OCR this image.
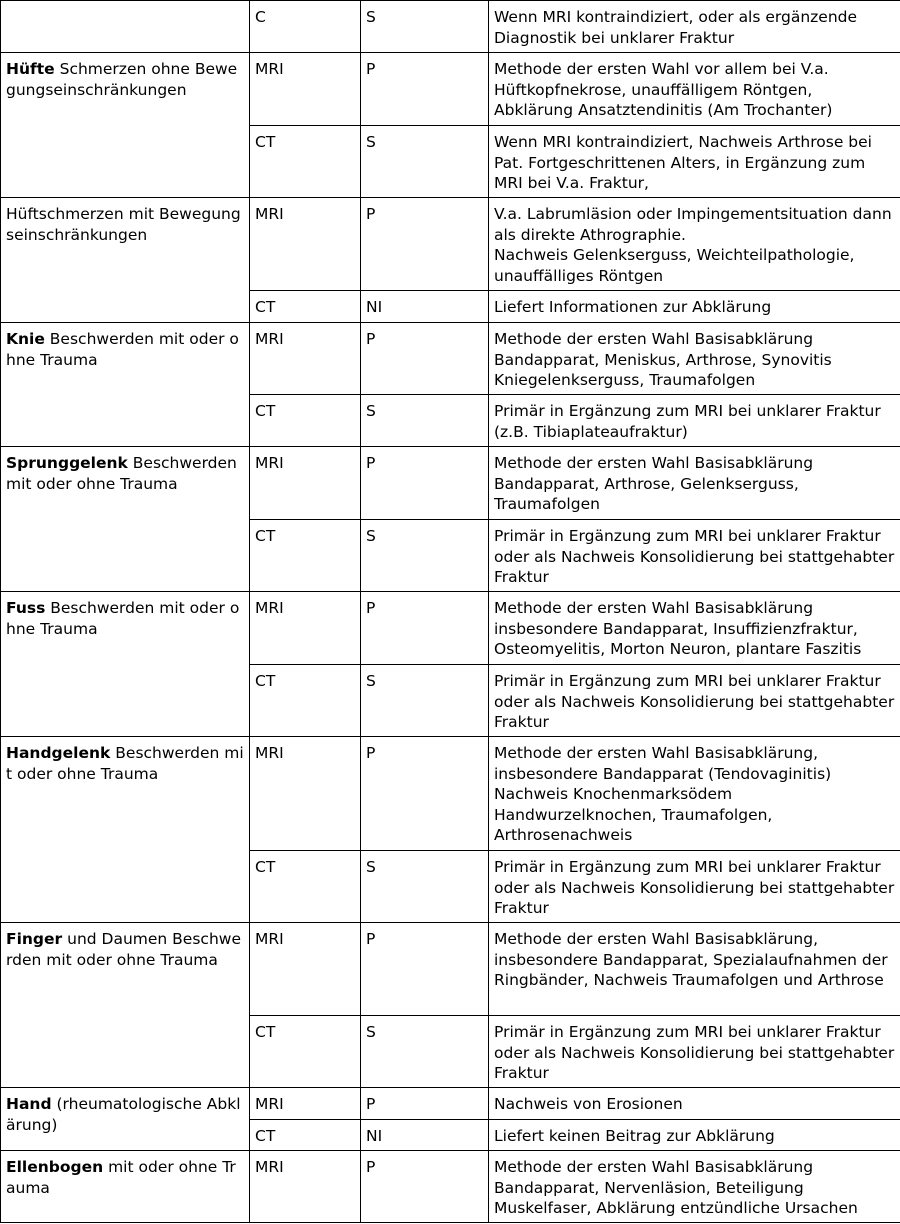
	C	S	Wenn MRI kontraindiziert, oder als ergänzende Diagnostik bei unklarer Fraktur
Hüfte Schmerzen ohne Bewegungseinschränkungen	MRI	P	Methode der ersten Wahl vor allem bei V.a. Hüftkopfnekrose, unauffälligem Röntgen, Abklärung Ansatztendinitis (Am Trochanter)
	CT	S	Wenn MRI kontraindiziert, Nachweis Arthrose bei Pat. Fortgeschrittenen Alters, in Ergänzung zum MRI bei V.a. Fraktur,
Hüftschmerzen mit Bewegungseinschränkungen	MRI	P	V.a. Labrumläsion oder Impingementsituation dann als direkte Athrographie.
Nachweis Gelenkserguss, Weichteilpathologie, unauffälliges Röntgen
	CT	NI	Liefert Informationen zur Abklärung
Knie Beschwerden mit oder ohne Trauma	MRI	P	Methode der ersten Wahl Basisabklärung Bandapparat, Meniskus, Arthrose, Synovitis Kniegelenkserguss, Traumafolgen
	CT	S	Primär in Ergänzung zum MRI bei unklarer Fraktur (z.B. Tibiaplateaufraktur)
Sprunggelenk Beschwerden mit oder ohne Trauma	MRI	P	Methode der ersten Wahl Basisabklärung Bandapparat, Arthrose, Gelenkserguss, Traumafolgen
	CT	S	Primär in Ergänzung zum MRI bei unklarer Fraktur oder als Nachweis Konsolidierung bei stattgehabter Fraktur
Fuss Beschwerden mit oder ohne Trauma	MRI	P	Methode der ersten Wahl Basisabklärung insbesondere Bandapparat, Insuffizienzfraktur, Osteomyelitis, Morton Neuron, plantare Faszitis
	CT	S	Primär in Ergänzung zum MRI bei unklarer Fraktur oder als Nachweis Konsolidierung bei stattgehabter Fraktur
Handgelenk Beschwerden mit oder ohne Trauma	MRI	P	Methode der ersten Wahl Basisabklärung, insbesondere Bandapparat (Tendovaginitis) Nachweis Knochenmarksödem Handwurzelknochen, Traumafolgen, Arthrosenachweis
	CT	S	Primär in Ergänzung zum MRI bei unklarer Fraktur oder als Nachweis Konsolidierung bei stattgehabter Fraktur
Finger und Daumen Beschwerden mit oder ohne Trauma	MRI	P	Methode der ersten Wahl Basisabklärung, insbesondere Bandapparat, Spezialaufnahmen der Ringbänder, Nachweis Traumafolgen und Arthrose
	CT	S	Primär in Ergänzung zum MRI bei unklarer Fraktur oder als Nachweis Konsolidierung bei stattgehabter Fraktur
Hand (rheumatologische Abklärung)	MRI	P	Nachweis von Erosionen
	CT	NI	Liefert keinen Beitrag zur Abklärung
Ellenbogen mit oder ohne Trauma	MRI	P	Methode der ersten Wahl Basisabklärung Bandapparat, Nervenläsion, Beteiligung Muskelfaser, Abklärung entzündliche Ursachen
